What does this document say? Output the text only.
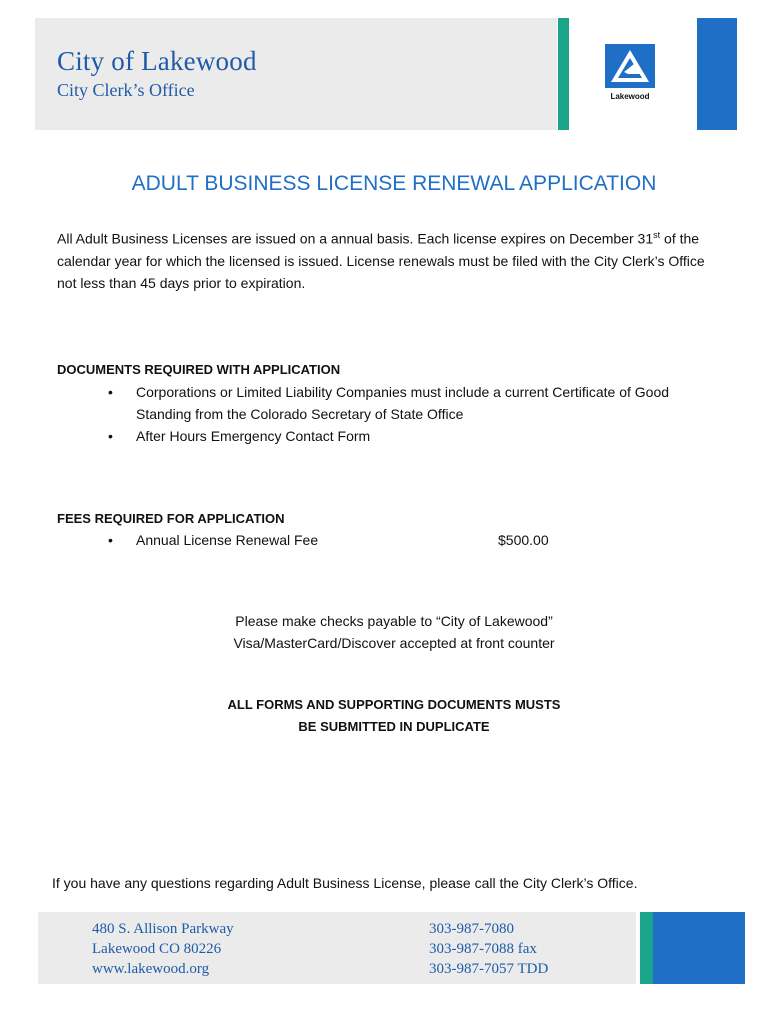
City of Lakewood
City Clerk’s Office	Lakewood
ADULT BUSINESS LICENSE RENEWAL APPLICATION
All Adult Business Licenses are issued on a annual basis. Each license expires on December 31st of the calendar year for which the licensed is issued. License renewals must be filed with the City Clerk’s Office not less than 45 days prior to expiration.
DOCUMENTS REQUIRED WITH APPLICATION
• Corporations or Limited Liability Companies must include a current Certificate of Good Standing from the Colorado Secretary of State Office
• After Hours Emergency Contact Form
FEES REQUIRED FOR APPLICATION
• Annual License Renewal Fee	$500.00
Please make checks payable to “City of Lakewood”
Visa/MasterCard/Discover accepted at front counter
ALL FORMS AND SUPPORTING DOCUMENTS MUSTS
BE SUBMITTED IN DUPLICATE
If you have any questions regarding Adult Business License, please call the City Clerk’s Office.
480 S. Allison Parkway
Lakewood CO 80226
www.lakewood.org
303-987-7080
303-987-7088 fax
303-987-7057 TDD
